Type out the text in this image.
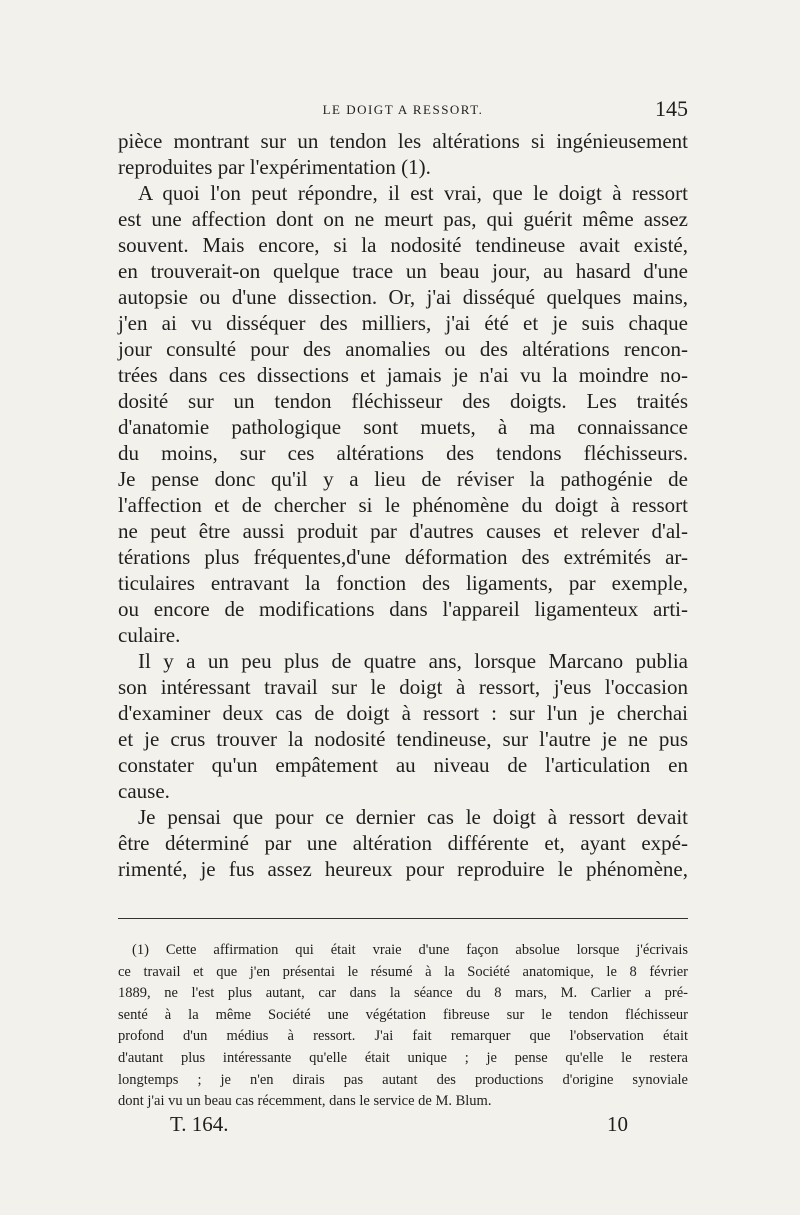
LE DOIGT A RESSORT.	145
pièce montrant sur un tendon les altérations si ingénieusement
reproduites par l'expérimentation (1).
A quoi l'on peut répondre, il est vrai, que le doigt à ressort
est une affection dont on ne meurt pas, qui guérit même assez
souvent. Mais encore, si la nodosité tendineuse avait existé,
en trouverait-on quelque trace un beau jour, au hasard d'une
autopsie ou d'une dissection. Or, j'ai disséqué quelques mains,
j'en ai vu disséquer des milliers, j'ai été et je suis chaque
jour consulté pour des anomalies ou des altérations rencon-
trées dans ces dissections et jamais je n'ai vu la moindre no-
dosité sur un tendon fléchisseur des doigts. Les traités
d'anatomie pathologique sont muets, à ma connaissance
du moins, sur ces altérations des tendons fléchisseurs.
Je pense donc qu'il y a lieu de réviser la pathogénie de
l'affection et de chercher si le phénomène du doigt à ressort
ne peut être aussi produit par d'autres causes et relever d'al-
térations plus fréquentes,d'une déformation des extrémités ar-
ticulaires entravant la fonction des ligaments, par exemple,
ou encore de modifications dans l'appareil ligamenteux arti-
culaire.
Il y a un peu plus de quatre ans, lorsque Marcano publia
son intéressant travail sur le doigt à ressort, j'eus l'occasion
d'examiner deux cas de doigt à ressort : sur l'un je cherchai
et je crus trouver la nodosité tendineuse, sur l'autre je ne pus
constater qu'un empâtement au niveau de l'articulation en
cause.
Je pensai que pour ce dernier cas le doigt à ressort devait
être déterminé par une altération différente et, ayant expé-
rimenté, je fus assez heureux pour reproduire le phénomène,
(1) Cette affirmation qui était vraie d'une façon absolue lorsque j'écrivais
ce travail et que j'en présentai le résumé à la Société anatomique, le 8 février
1889, ne l'est plus autant, car dans la séance du 8 mars, M. Carlier a pré-
senté à la même Société une végétation fibreuse sur le tendon fléchisseur
profond d'un médius à ressort. J'ai fait remarquer que l'observation était
d'autant plus intéressante qu'elle était unique ; je pense qu'elle le restera
longtemps ; je n'en dirais pas autant des productions d'origine synoviale
dont j'ai vu un beau cas récemment, dans le service de M. Blum.
T. 164.	10
